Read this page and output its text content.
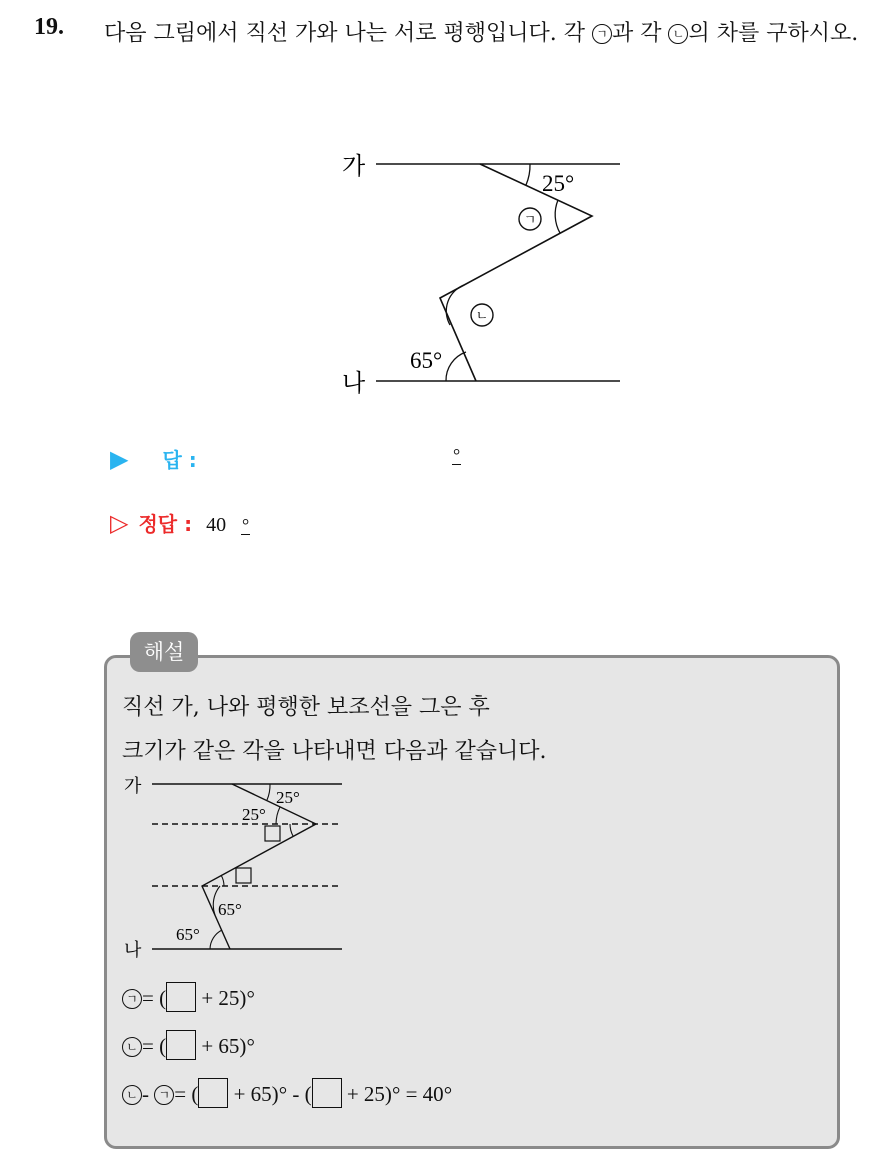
19. 다음 그림에서 직선 가와 나는 서로 평행입니다. 각 ㄱ 과 각 ㄴ 의 차를 구하시오.
가
나
25°
65°
ㄱ
ㄴ
▶ 답 :	°
▷ 정답 : 40 °
해설
직선 가, 나와 평행한 보조선을 그은 후
크기가 같은 각을 나타내면 다음과 같습니다.
가
나
25°
25°
65°
65°
ㄱ = ( + 25)°
ㄴ = ( + 65)°
ㄴ - ㄱ = ( + 65)° - ( + 25)° = 40°
